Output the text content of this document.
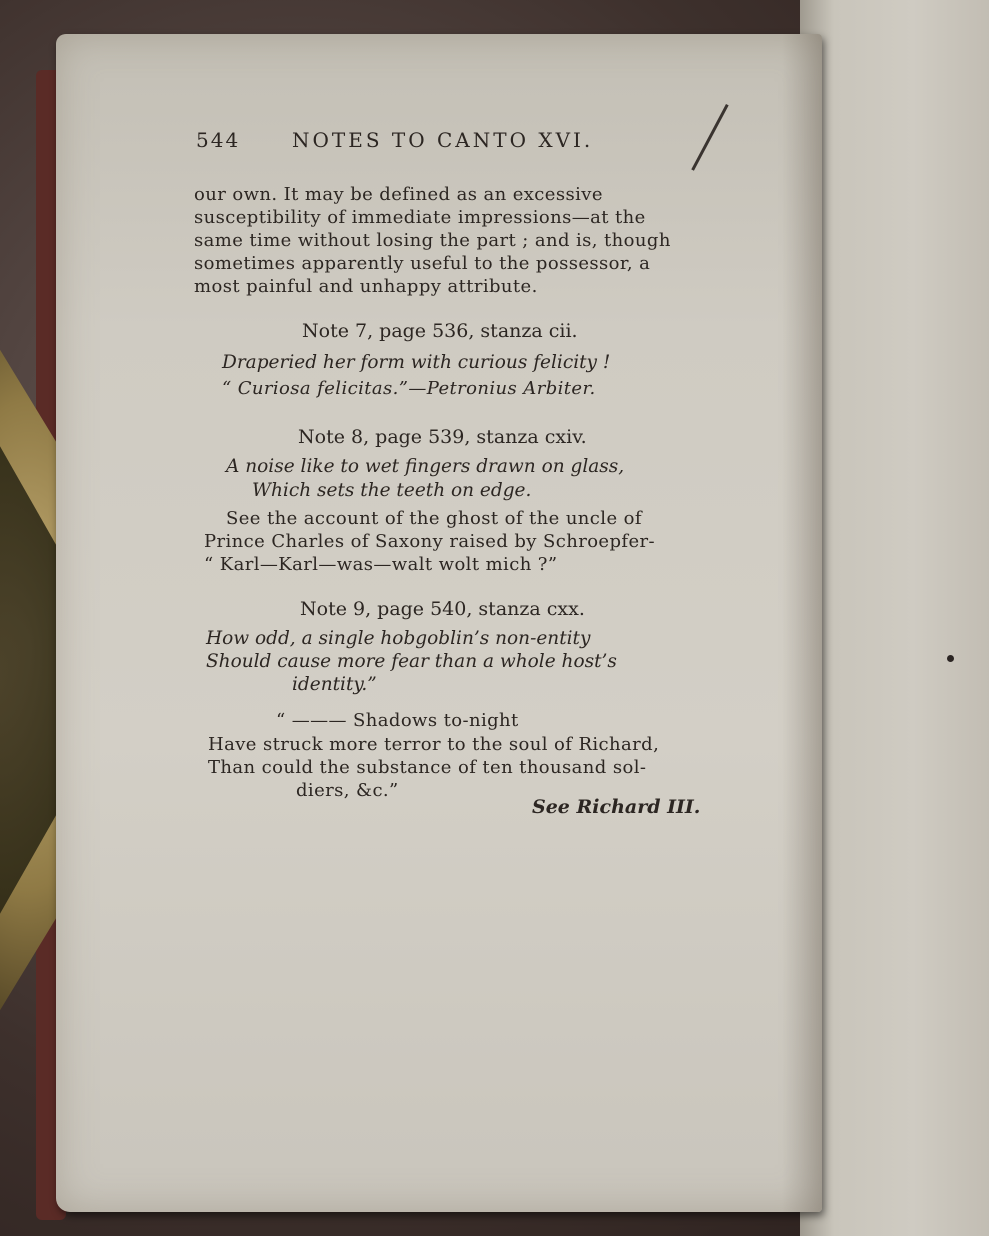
544	NOTES TO CANTO XVI.
our own. It may be defined as an excessive
susceptibility of immediate impressions—at the
same time without losing the part ; and is, though
sometimes apparently useful to the possessor, a
most painful and unhappy attribute.
Note 7, page 536, stanza cii.
Draperied her form with curious felicity !
“ Curiosa felicitas.”—Petronius Arbiter.
Note 8, page 539, stanza cxiv.
A noise like to wet fingers drawn on glass,
Which sets the teeth on edge.
See the account of the ghost of the uncle of
Prince Charles of Saxony raised by Schroepfer-
“ Karl—Karl—was—walt wolt mich ?”
Note 9, page 540, stanza cxx.
How odd, a single hobgoblin’s non-entity
Should cause more fear than a whole host’s
identity.”
“ ——— Shadows to-night
Have struck more terror to the soul of Richard,
Than could the substance of ten thousand sol-
diers, &c.”
See Richard III.
